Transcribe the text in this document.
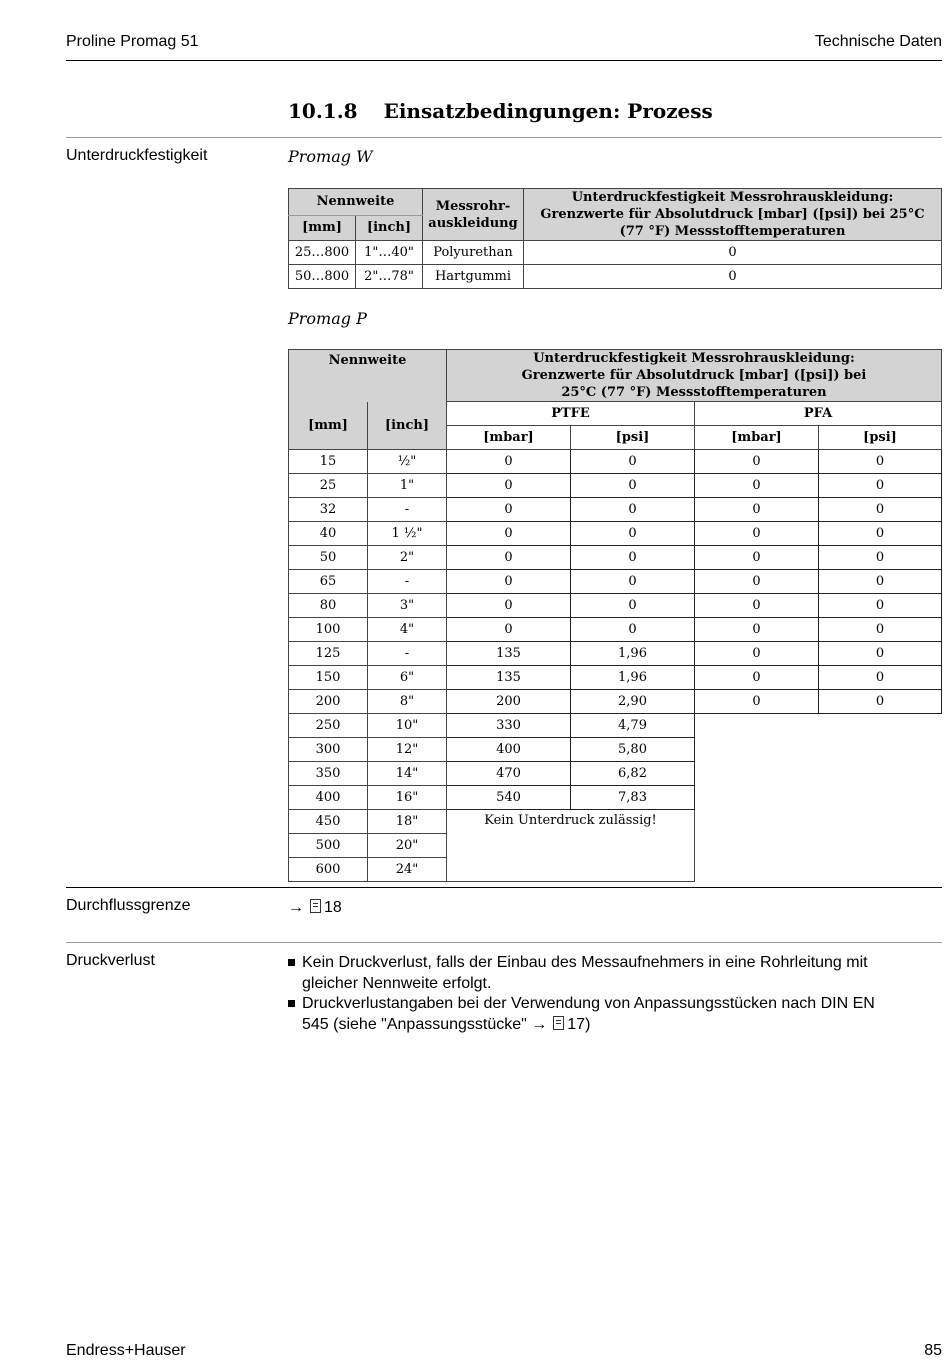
Proline Promag 51	Technische Daten
10.1.8 Einsatzbedingungen: Prozess
Unterdruckfestigkeit	Promag W
Nennweite		Messrohr-
auskleidung	Unterdruckfestigkeit Messrohrauskleidung: Grenzwerte für Absolutdruck [mbar] ([psi]) bei 25°C (77 °F) Messstofftemperaturen
[mm]	[inch]		
25…800	1"…40"	Polyurethan	0
50…800	2"…78"	Hartgummi	0
Promag P
Nennweite		Unterdruckfestigkeit Messrohrauskleidung: Grenzwerte für Absolutdruck [mbar] ([psi]) bei 25°C (77 °F) Messstofftemperaturen			
[mm]	[inch]	PTFE		PFA	
		[mbar]	[psi]	[mbar]	[psi]
15	½"	0	0	0	0
25	1"	0	0	0	0
32	-	0	0	0	0
40	1 ½"	0	0	0	0
50	2"	0	0	0	0
65	-	0	0	0	0
80	3"	0	0	0	0
100	4"	0	0	0	0
125	-	135	1,96	0	0
150	6"	135	1,96	0	0
200	8"	200	2,90	0	0
250	10"	330	4,79		
300	12"	400	5,80		
350	14"	470	6,82		
400	16"	540	7,83		
450	18"	Kein Unterdruck zulässig!			
500	20"				
600	24"				
Durchflussgrenze	→ 18
Druckverlust	Kein Druckverlust, falls der Einbau des Messaufnehmers in eine Rohrleitung mit gleicher Nennweite erfolgt.
Druckverlustangaben bei der Verwendung von Anpassungsstücken nach DIN EN 545 (siehe "Anpassungsstücke" → 17)
Endress+Hauser	85
